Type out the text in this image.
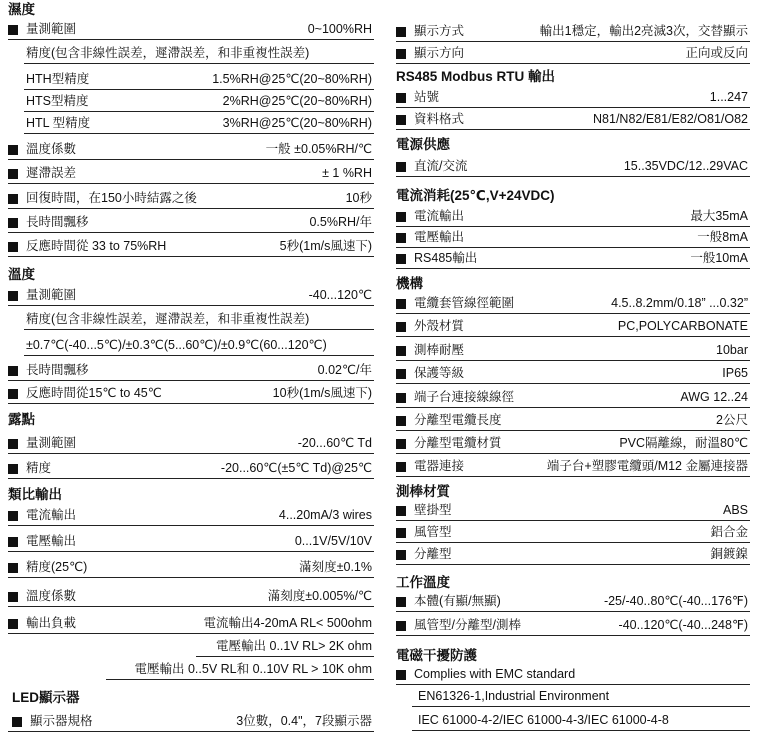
濕度
量測範圍	0~100%RH
精度(包含非線性誤差，遲滯誤差，和非重複性誤差)
HTH型精度	1.5%RH@25℃(20~80%RH)
HTS型精度	2%RH@25℃(20~80%RH)
HTL 型精度	3%RH@25℃(20~80%RH)
溫度係數	一般 ±0.05%RH/℃
遲滯誤差	± 1 %RH
回復時間，在150小時結露之後	10秒
長時間飄移	0.5%RH/年
反應時間從 33 to 75%RH	5秒(1m/s風速下)
溫度
量測範圍	-40...120℃
精度(包含非線性誤差，遲滯誤差，和非重複性誤差)
±0.7℃(-40...5℃)/±0.3℃(5...60℃)/±0.9℃(60...120℃)
長時間飄移	0.02℃/年
反應時間從15℃ to 45℃	10秒(1m/s風速下)
露點
量測範圍	-20...60℃ Td
精度	-20...60℃(±5℃ Td)@25℃
類比輸出
電流輸出	4...20mA/3 wires
電壓輸出	0...1V/5V/10V
精度(25℃)	滿刻度±0.1%
溫度係數	滿刻度±0.005%/℃
輸出負載	電流輸出4-20mA RL< 500ohm
電壓輸出 0..1V RL> 2K ohm
電壓輸出 0..5V RL和 0..10V RL > 10K ohm
LED顯示器
顯示器規格	3位數，0.4"，7段顯示器
顯示方式	輸出1穩定，輸出2亮滅3次，交替顯示
顯示方向	正向或反向
RS485 Modbus RTU 輸出
站號	1...247
資料格式	N81/N82/E81/E82/O81/O82
電源供應
直流/交流	15..35VDC/12..29VAC
電流消耗(25℃,V+24VDC)
電流輸出	最大35mA
電壓輸出	一般8mA
RS485輸出	一般10mA
機構
電纜套管線徑範圍	4.5..8.2mm/0.18” ...0.32”
外殼材質	PC,POLYCARBONATE
測棒耐壓	10bar
保護等級	IP65
端子台連接線線徑	AWG 12..24
分離型電纜長度	2公尺
分離型電纜材質	PVC隔離線，耐溫80℃
電器連接	端子台+塑膠電纜頭/M12 金屬連接器
測棒材質
壁掛型	ABS
風管型	鋁合金
分離型	銅鍍鎳
工作溫度
本體(有顯/無顯)	-25/-40..80℃(-40...176℉)
風管型/分離型/測棒	-40..120℃(-40...248℉)
電磁干擾防護
Complies with EMC standard
EN61326-1,Industrial Environment
IEC 61000-4-2/IEC 61000-4-3/IEC 61000-4-8
